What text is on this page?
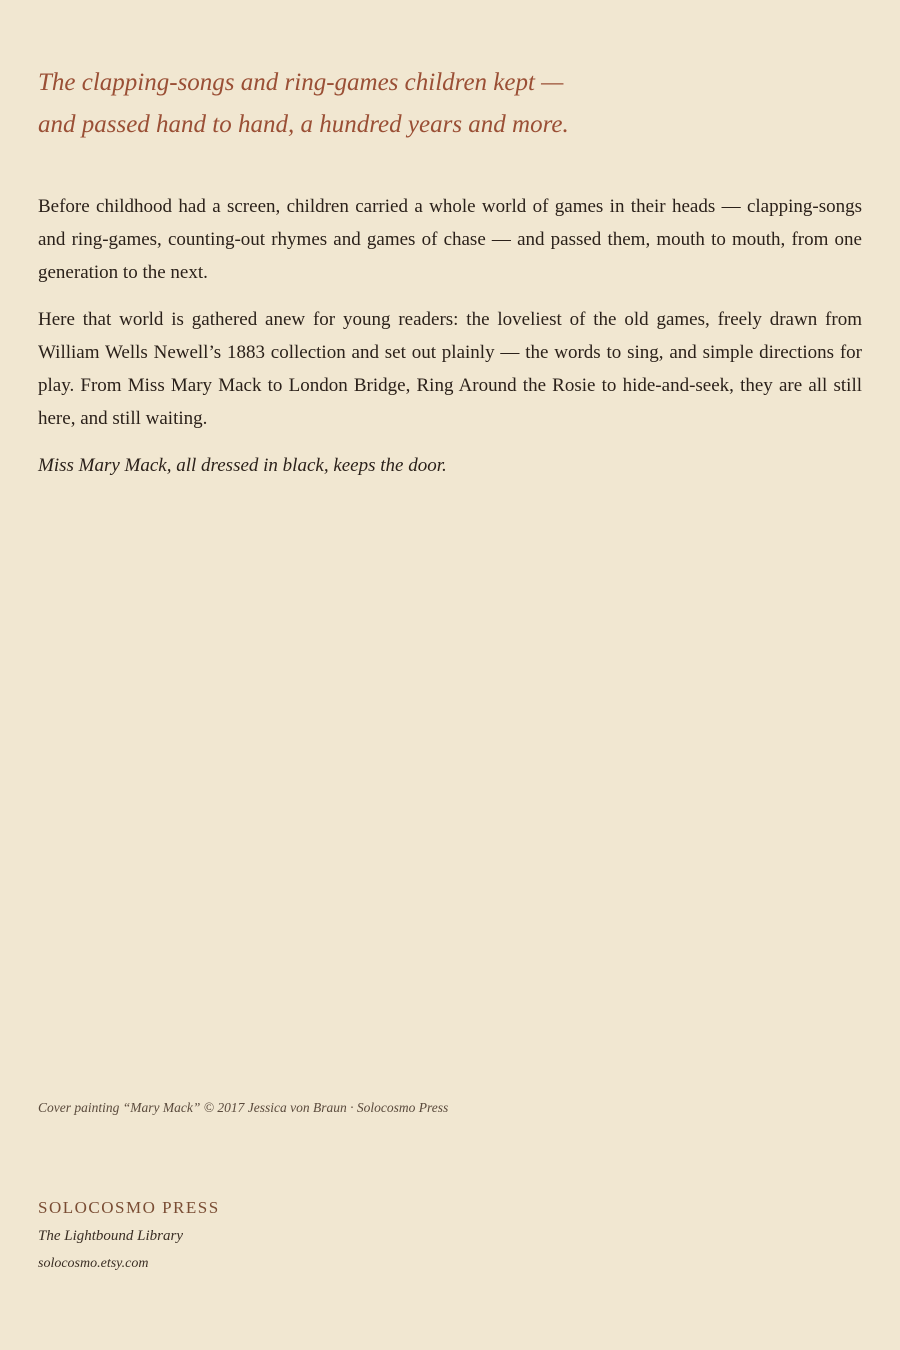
The clapping-songs and ring-games children kept —
and passed hand to hand, a hundred years and more.

Before childhood had a screen, children carried a whole world of games in their heads — clapping-songs and ring-games, counting-out rhymes and games of chase — and passed them, mouth to mouth, from one generation to the next.

Here that world is gathered anew for young readers: the loveliest of the old games, freely drawn from William Wells Newell’s 1883 collection and set out plainly — the words to sing, and simple directions for play. From Miss Mary Mack to London Bridge, Ring Around the Rosie to hide-and-seek, they are all still here, and still waiting.

Miss Mary Mack, all dressed in black, keeps the door.

Cover painting “Mary Mack” © 2017 Jessica von Braun · Solocosmo Press

SOLOCOSMO PRESS

The Lightbound Library

solocosmo.etsy.com
